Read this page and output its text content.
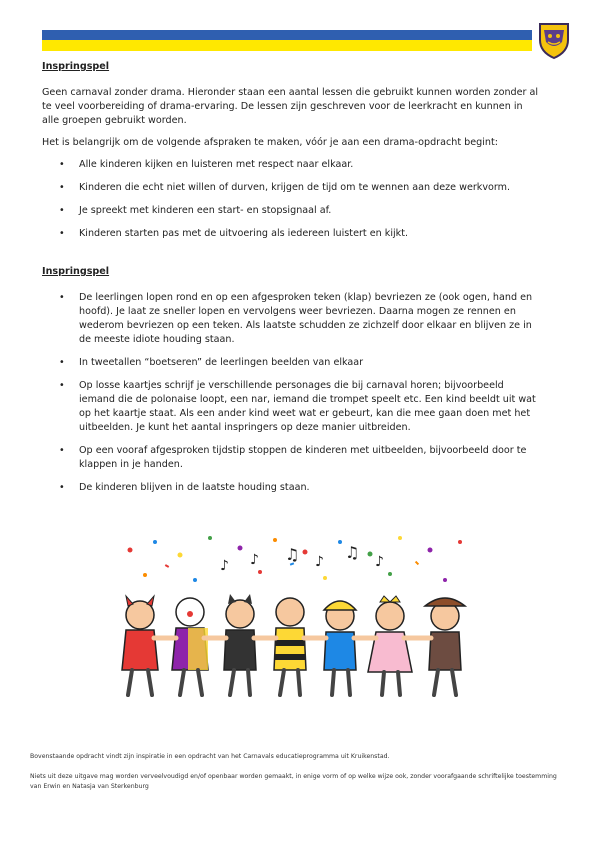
Inspringspel

Geen carnaval zonder drama. Hieronder staan een aantal lessen die gebruikt kunnen worden zonder al te veel voorbereiding of drama-ervaring. De lessen zijn geschreven voor de leerkracht en kunnen in alle groepen gebruikt worden.

Het is belangrijk om de volgende afspraken te maken, vóór je aan een drama-opdracht begint:

• Alle kinderen kijken en luisteren met respect naar elkaar.
• Kinderen die echt niet willen of durven, krijgen de tijd om te wennen aan deze werkvorm.
• Je spreekt met kinderen een start- en stopsignaal af.
• Kinderen starten pas met de uitvoering als iedereen luistert en kijkt.
Inspringspel
• De leerlingen lopen rond en op een afgesproken teken (klap) bevriezen ze (ook ogen, hand en hoofd). Je laat ze sneller lopen en vervolgens weer bevriezen. Daarna mogen ze rennen en wederom bevriezen op een teken. Als laatste schudden ze zichzelf door elkaar en blijven ze in de meeste idiote houding staan.
• In tweetallen “boetseren” de leerlingen beelden van elkaar
• Op losse kaartjes schrijf je verschillende personages die bij carnaval horen; bijvoorbeeld iemand die de polonaise loopt, een nar, iemand die trompet speelt etc. Een kind beeldt uit wat op het kaartje staat. Als een ander kind weet wat er gebeurt, kan die mee gaan doen met het uitbeelden. Je kunt het aantal inspringers op deze manier uitbreiden.
• Op een vooraf afgesproken tijdstip stoppen de kinderen met uitbeelden, bijvoorbeeld door te klappen in je handen.
• De kinderen blijven in de laatste houding staan.
♪ ♪ ♫ ♪ ♫ ♪

Bovenstaande opdracht vindt zijn inspiratie in een opdracht van het Carnavals educatieprogramma uit Kruikenstad.

Niets uit deze uitgave mag worden verveelvoudigd en/of openbaar worden gemaakt, in enige vorm of op welke wijze ook, zonder voorafgaande schriftelijke toestemming van Erwin en Natasja van Sterkenburg
